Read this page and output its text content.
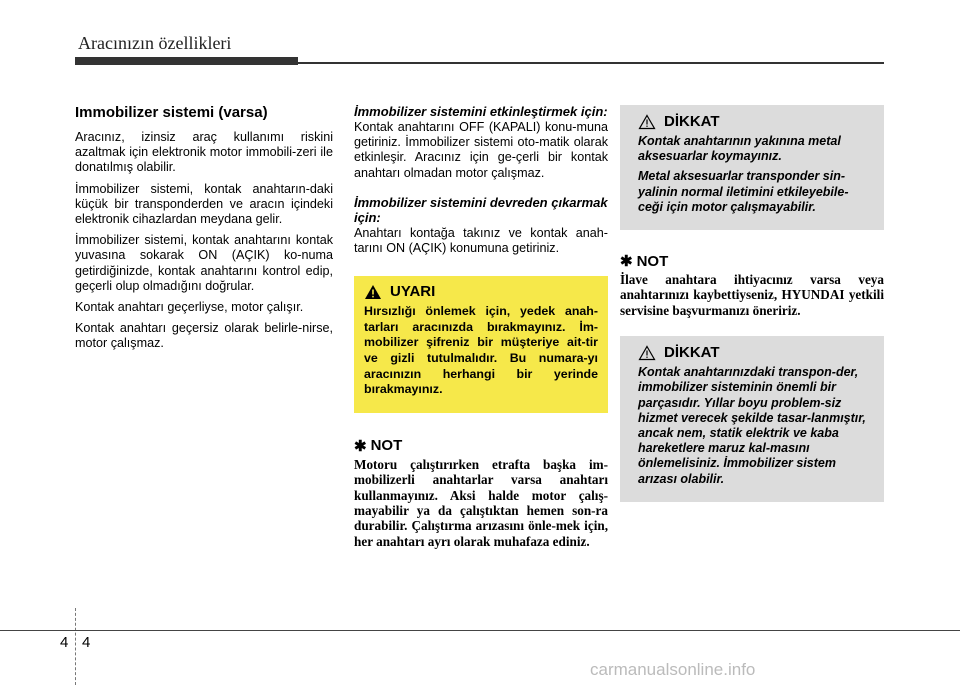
Aracınızın özellikleri
Immobilizer sistemi (varsa)

Aracınız, izinsiz araç kullanımı riskini azaltmak için elektronik motor immobili-zeri ile donatılmış olabilir.

İmmobilizer sistemi, kontak anahtarın-daki küçük bir transponderden ve aracın içindeki elektronik cihazlardan meydana gelir.

İmmobilizer sistemi, kontak anahtarını kontak yuvasına sokarak ON (AÇIK) ko-numa getirdiğinizde, kontak anahtarını kontrol edip, geçerli olup olmadığını doğrular.

Kontak anahtarı geçerliyse, motor çalışır.

Kontak anahtarı geçersiz olarak belirle-nirse, motor çalışmaz.

İmmobilizer sistemini etkinleştirmek için:

Kontak anahtarını OFF (KAPALI) konu-muna getiriniz. İmmobilizer sistemi oto-matik olarak etkinleşir. Aracınız için ge-çerli bir kontak anahtarı olmadan motor çalışmaz.

İmmobilizer sistemini devreden çıkarmak için:

Anahtarı kontağa takınız ve kontak anah-tarını ON (AÇIK) konumuna getiriniz.

UYARI

Hırsızlığı önlemek için, yedek anah-tarları aracınızda bırakmayınız. İm-mobilizer şifreniz bir müşteriye ait-tir ve gizli tutulmalıdır. Bu numara-yı aracınızın herhangi bir yerinde bırakmayınız.

✱ NOT

Motoru çalıştırırken etrafta başka im-mobilizerli anahtarlar varsa anahtarı kullanmayınız. Aksi halde motor çalış-mayabilir ya da çalıştıktan hemen son-ra durabilir. Çalıştırma arızasını önle-mek için, her anahtarı ayrı olarak muhafaza ediniz.

DİKKAT

Kontak anahtarının yakınına metal aksesuarlar koymayınız.

Metal aksesuarlar transponder sin-yalinin normal iletimini etkileyebile-ceği için motor çalışmayabilir.

✱ NOT

İlave anahtara ihtiyacınız varsa veya anahtarınızı kaybettiyseniz, HYUNDAI yetkili servisine başvurmanızı öneririz.

DİKKAT

Kontak anahtarınızdaki transpon-der, immobilizer sisteminin önemli bir parçasıdır. Yıllar boyu problem-siz hizmet verecek şekilde tasar-lanmıştır, ancak nem, statik elektrik ve kaba hareketlere maruz kal-masını önlemelisiniz. İmmobilizer sistem arızası olabilir.

4 4
carmanualsonline.info
